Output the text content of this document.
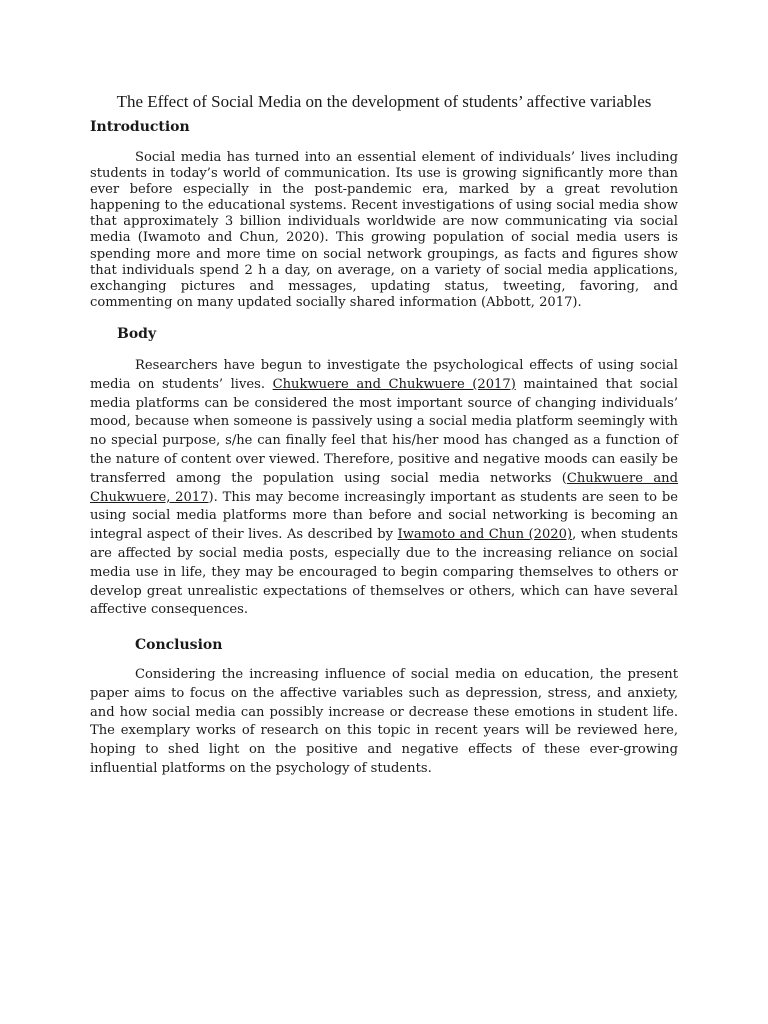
The Effect of Social Media on the development of students’ affective variables
Introduction

Social media has turned into an essential element of individuals’ lives including students in today’s world of communication. Its use is growing significantly more than ever before especially in the post-pandemic era, marked by a great revolution happening to the educational systems. Recent investigations of using social media show that approximately 3 billion individuals worldwide are now communicating via social media (Iwamoto and Chun, 2020). This growing population of social media users is spending more and more time on social network groupings, as facts and figures show that individuals spend 2 h a day, on average, on a variety of social media applications, exchanging pictures and messages, updating status, tweeting, favoring, and commenting on many updated socially shared information (Abbott, 2017).

Body

Researchers have begun to investigate the psychological effects of using social media on students’ lives. Chukwuere and Chukwuere (2017) maintained that social media platforms can be considered the most important source of changing individuals’ mood, because when someone is passively using a social media platform seemingly with no special purpose, s/he can finally feel that his/her mood has changed as a function of the nature of content over viewed. Therefore, positive and negative moods can easily be transferred among the population using social media networks (Chukwuere and Chukwuere, 2017). This may become increasingly important as students are seen to be using social media platforms more than before and social networking is becoming an integral aspect of their lives. As described by Iwamoto and Chun (2020), when students are affected by social media posts, especially due to the increasing reliance on social media use in life, they may be encouraged to begin comparing themselves to others or develop great unrealistic expectations of themselves or others, which can have several affective consequences.

Conclusion

Considering the increasing influence of social media on education, the present paper aims to focus on the affective variables such as depression, stress, and anxiety, and how social media can possibly increase or decrease these emotions in student life. The exemplary works of research on this topic in recent years will be reviewed here, hoping to shed light on the positive and negative effects of these ever-growing influential platforms on the psychology of students.
